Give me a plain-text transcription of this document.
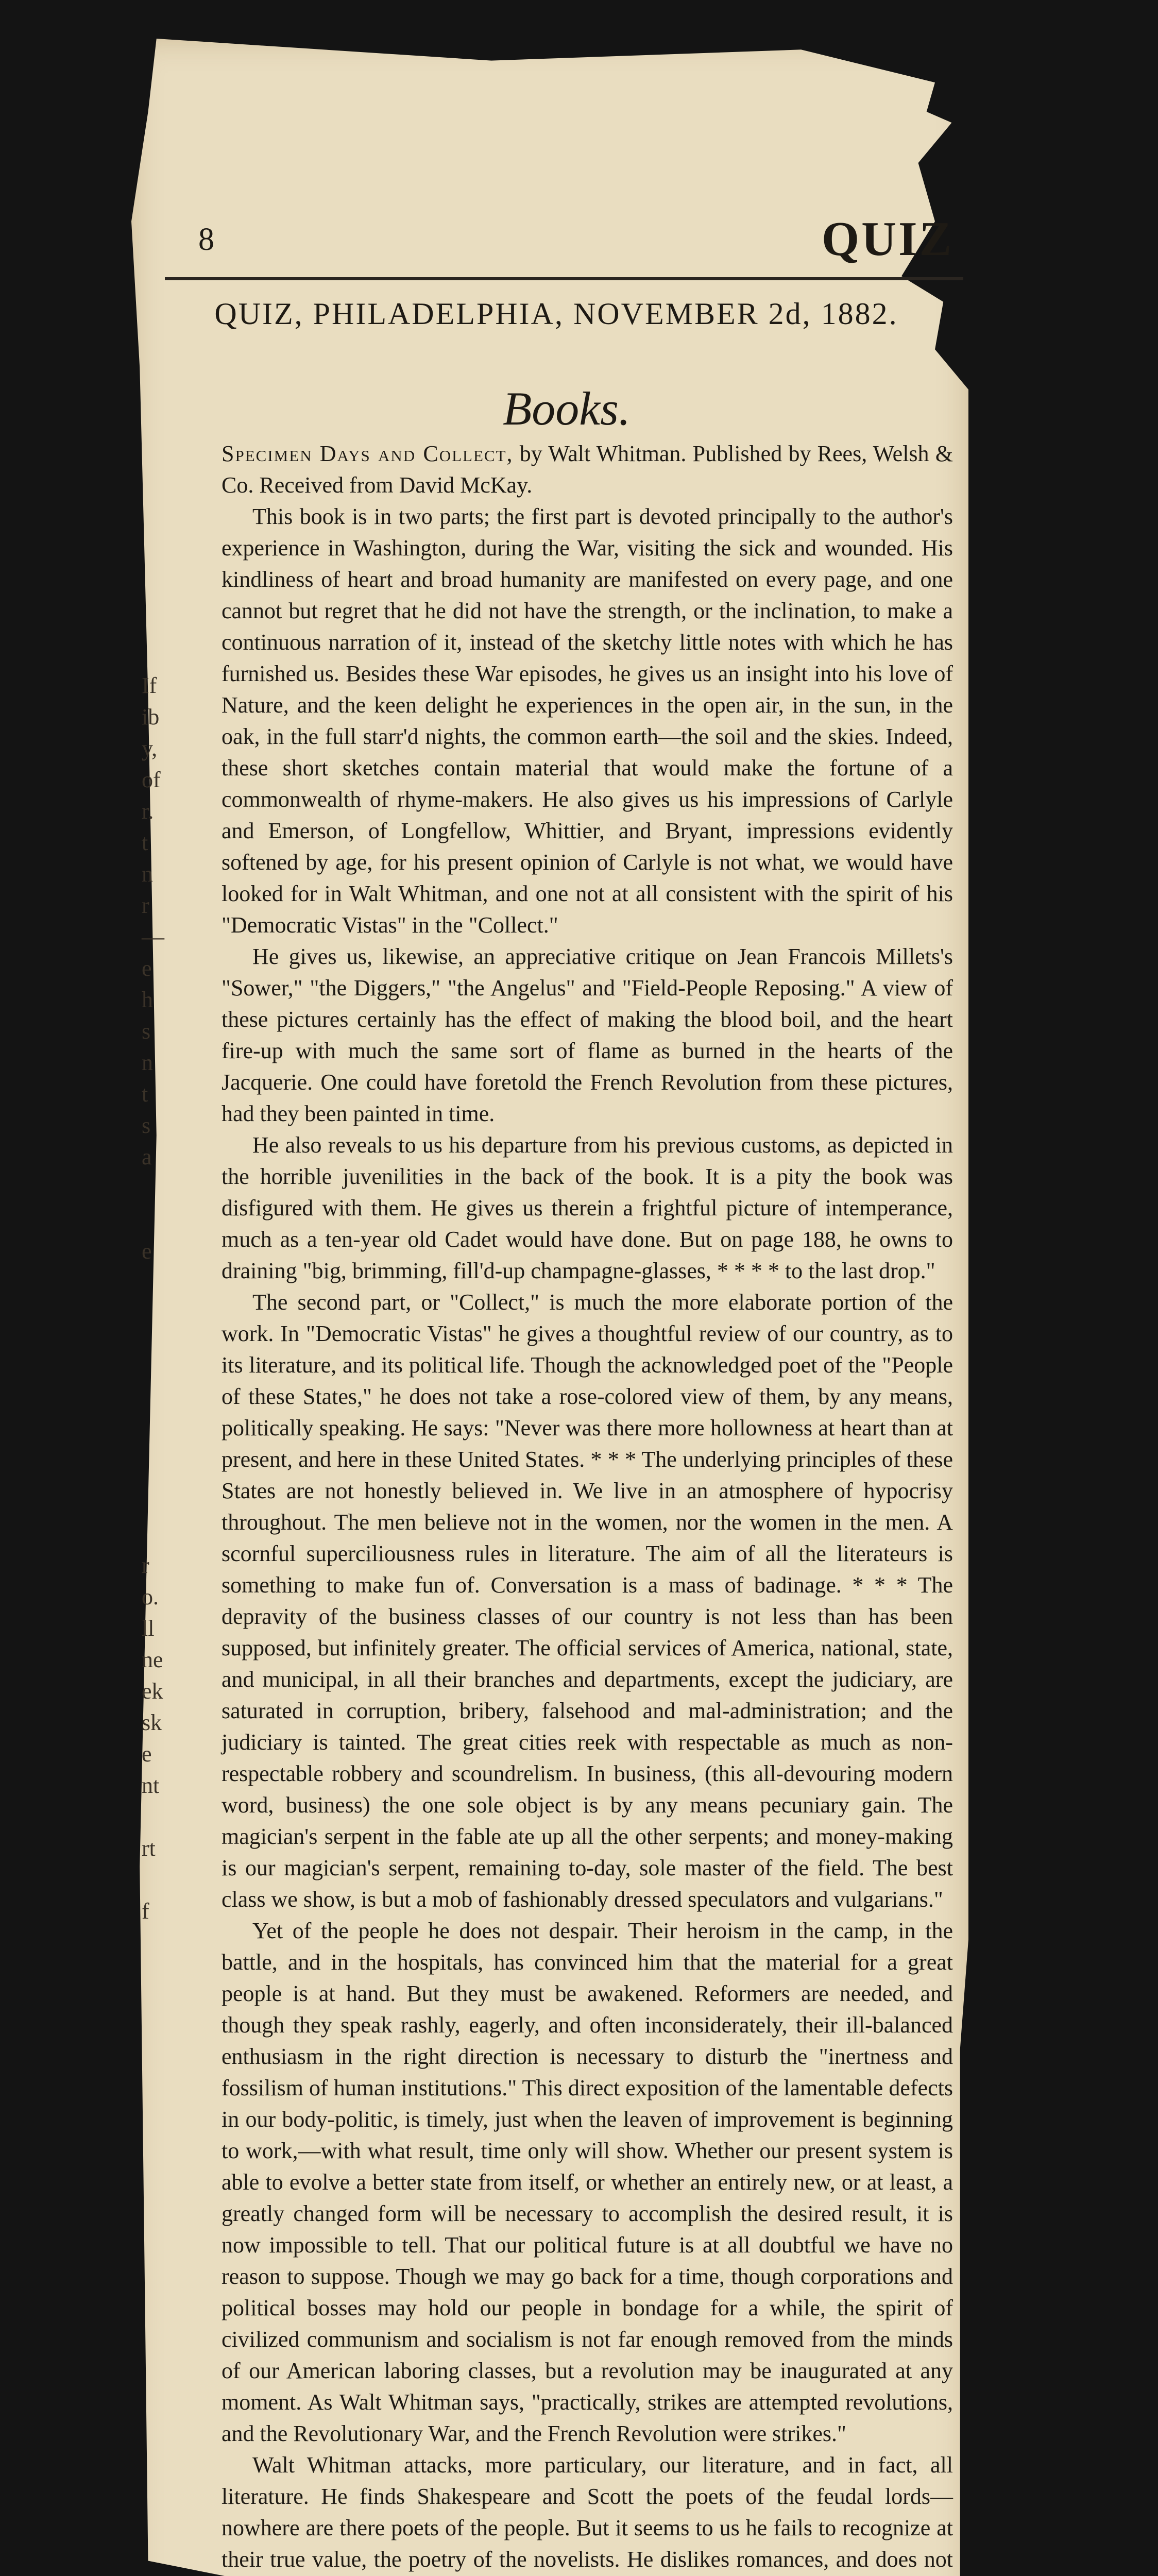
8	QUIZ
QUIZ, PHILADELPHIA, NOVEMBER 2d, 1882.
Books.

Specimen Days and Collect, by Walt Whitman. Published by Rees, Welsh & Co. Received from David McKay.

This book is in two parts; the first part is devoted principally to the author's experience in Washington, during the War, visiting the sick and wounded. His kindliness of heart and broad humanity are manifested on every page, and one cannot but regret that he did not have the strength, or the inclination, to make a continuous narration of it, instead of the sketchy little notes with which he has furnished us. Besides these War episodes, he gives us an insight into his love of Nature, and the keen delight he experiences in the open air, in the sun, in the oak, in the full starr'd nights, the common earth—the soil and the skies. Indeed, these short sketches contain material that would make the fortune of a commonwealth of rhyme-makers. He also gives us his impressions of Carlyle and Emerson, of Longfellow, Whittier, and Bryant, impressions evidently softened by age, for his present opinion of Carlyle is not what, we would have looked for in Walt Whitman, and one not at all consistent with the spirit of his "Democratic Vistas" in the "Collect."

He gives us, likewise, an appreciative critique on Jean Francois Millets's "Sower," "the Diggers," "the Angelus" and "Field-People Reposing." A view of these pictures certainly has the effect of making the blood boil, and the heart fire-up with much the same sort of flame as burned in the hearts of the Jacquerie. One could have foretold the French Revolution from these pictures, had they been painted in time.

He also reveals to us his departure from his previous customs, as depicted in the horrible juvenilities in the back of the book. It is a pity the book was disfigured with them. He gives us therein a frightful picture of intemperance, much as a ten-year old Cadet would have done. But on page 188, he owns to draining "big, brimming, fill'd-up champagne-glasses, * * * * to the last drop."

The second part, or "Collect," is much the more elaborate portion of the work. In "Democratic Vistas" he gives a thoughtful review of our country, as to its literature, and its political life. Though the acknowledged poet of the "People of these States," he does not take a rose-colored view of them, by any means, politically speaking. He says: "Never was there more hollowness at heart than at present, and here in these United States. * * * The underlying principles of these States are not honestly believed in. We live in an atmosphere of hypocrisy throughout. The men believe not in the women, nor the women in the men. A scornful superciliousness rules in literature. The aim of all the literateurs is something to make fun of. Conversation is a mass of badinage. * * * The depravity of the business classes of our country is not less than has been supposed, but infinitely greater. The official services of America, national, state, and municipal, in all their branches and departments, except the judiciary, are saturated in corruption, bribery, falsehood and mal-administration; and the judiciary is tainted. The great cities reek with respectable as much as non-respectable robbery and scoundrelism. In business, (this all-devouring modern word, business) the one sole object is by any means pecuniary gain. The magician's serpent in the fable ate up all the other serpents; and money-making is our magician's serpent, remaining to-day, sole master of the field. The best class we show, is but a mob of fashionably dressed speculators and vulgarians."

Yet of the people he does not despair. Their heroism in the camp, in the battle, and in the hospitals, has convinced him that the material for a great people is at hand. But they must be awakened. Reformers are needed, and though they speak rashly, eagerly, and often inconsiderately, their ill-balanced enthusiasm in the right direction is necessary to disturb the "inertness and fossilism of human institutions." This direct exposition of the lamentable defects in our body-politic, is timely, just when the leaven of improvement is beginning to work,—with what result, time only will show. Whether our present system is able to evolve a better state from itself, or whether an entirely new, or at least, a greatly changed form will be necessary to accomplish the desired result, it is now impossible to tell. That our political future is at all doubtful we have no reason to suppose. Though we may go back for a time, though corporations and political bosses may hold our people in bondage for a while, the spirit of civilized communism and socialism is not far enough removed from the minds of our American laboring classes, but a revolution may be inaugurated at any moment. As Walt Whitman says, "practically, strikes are attempted revolutions, and the Revolutionary War, and the French Revolution were strikes."

Walt Whitman attacks, more particulary, our literature, and in fact, all literature. He finds Shakespeare and Scott the poets of the feudal lords—nowhere are there poets of the people. But it seems to us he fails to recognize at their true value, the poetry of the novelists. He dislikes romances, and does not

If
ib
y,
of
r.
t
n
r
—
e
h
s
n
t
s
a

e

r
o.
ll
ne
ek
sk
e
nt

rt

f
